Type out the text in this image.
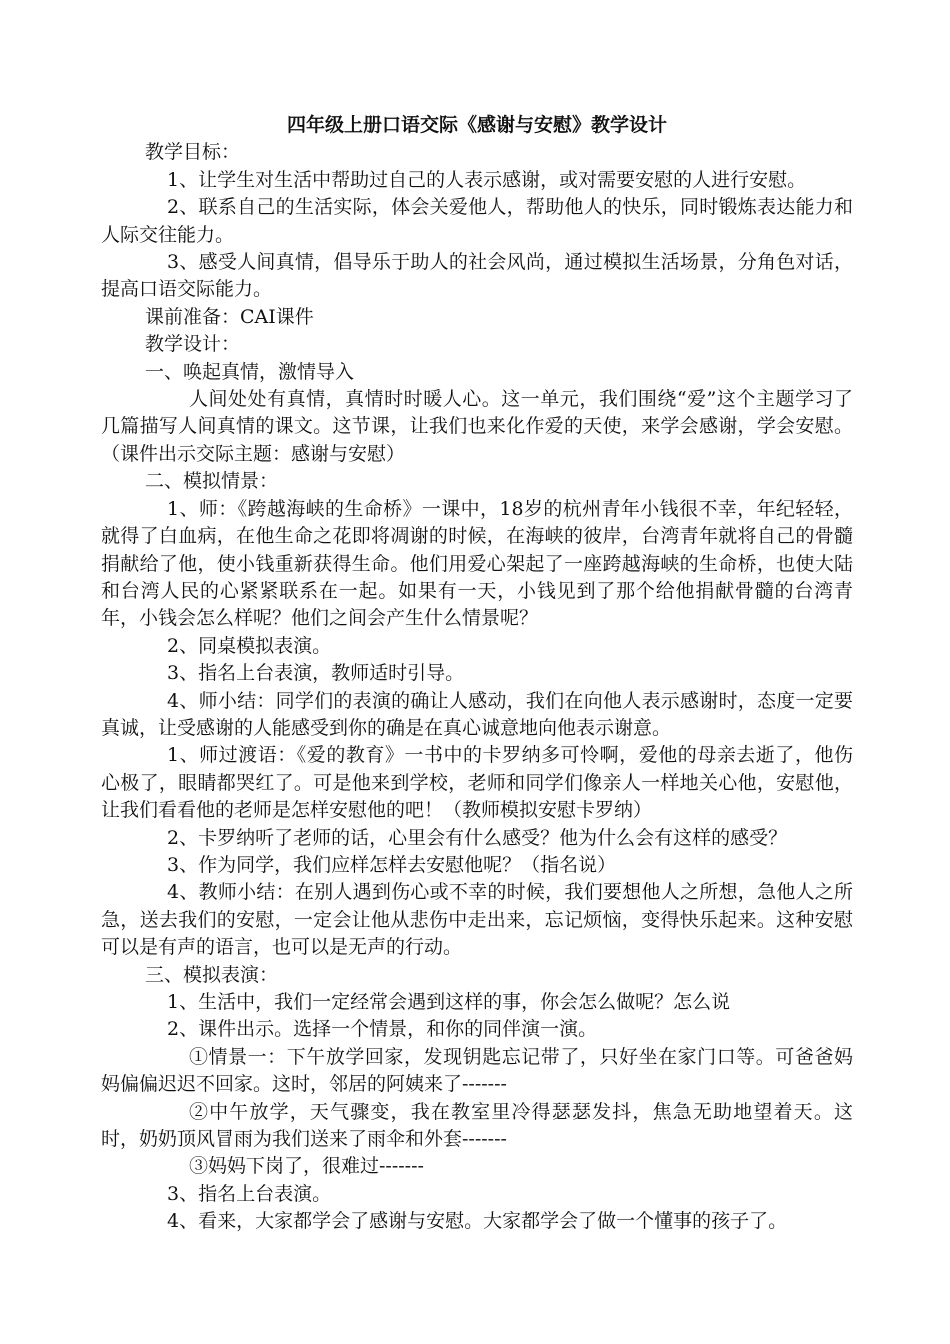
四年级上册口语交际《感谢与安慰》教学设计

教学目标：

1、让学生对生活中帮助过自己的人表示感谢，或对需要安慰的人进行安慰。

2、联系自己的生活实际，体会关爱他人，帮助他人的快乐，同时锻炼表达能力和人际交往能力。

3、感受人间真情，倡导乐于助人的社会风尚，通过模拟生活场景，分角色对话，提高口语交际能力。

课前准备：CAI课件

教学设计：

一、唤起真情，激情导入

人间处处有真情，真情时时暖人心。这一单元，我们围绕“爱”这个主题学习了几篇描写人间真情的课文。这节课，让我们也来化作爱的天使，来学会感谢，学会安慰。（课件出示交际主题：感谢与安慰）

二、模拟情景：

1、师：《跨越海峡的生命桥》一课中，18岁的杭州青年小钱很不幸，年纪轻轻，就得了白血病，在他生命之花即将凋谢的时候，在海峡的彼岸，台湾青年就将自己的骨髓捐献给了他，使小钱重新获得生命。他们用爱心架起了一座跨越海峡的生命桥，也使大陆和台湾人民的心紧紧联系在一起。如果有一天，小钱见到了那个给他捐献骨髓的台湾青年，小钱会怎么样呢？他们之间会产生什么情景呢？

2、同桌模拟表演。

3、指名上台表演，教师适时引导。

4、师小结：同学们的表演的确让人感动，我们在向他人表示感谢时，态度一定要真诚，让受感谢的人能感受到你的确是在真心诚意地向他表示谢意。

1、师过渡语：《爱的教育》一书中的卡罗纳多可怜啊，爱他的母亲去逝了，他伤心极了，眼睛都哭红了。可是他来到学校，老师和同学们像亲人一样地关心他，安慰他，让我们看看他的老师是怎样安慰他的吧！（教师模拟安慰卡罗纳）

2、卡罗纳听了老师的话，心里会有什么感受？他为什么会有这样的感受？

3、作为同学，我们应样怎样去安慰他呢？（指名说）

4、教师小结：在别人遇到伤心或不幸的时候，我们要想他人之所想，急他人之所急，送去我们的安慰，一定会让他从悲伤中走出来，忘记烦恼，变得快乐起来。这种安慰可以是有声的语言，也可以是无声的行动。

三、模拟表演：

1、生活中，我们一定经常会遇到这样的事，你会怎么做呢？怎么说

2、课件出示。选择一个情景，和你的同伴演一演。

①情景一：下午放学回家，发现钥匙忘记带了，只好坐在家门口等。可爸爸妈妈偏偏迟迟不回家。这时，邻居的阿姨来了-------

②中午放学，天气骤变，我在教室里冷得瑟瑟发抖，焦急无助地望着天。这时，奶奶顶风冒雨为我们送来了雨伞和外套-------

③妈妈下岗了，很难过-------

3、指名上台表演。

4、看来，大家都学会了感谢与安慰。大家都学会了做一个懂事的孩子了。
